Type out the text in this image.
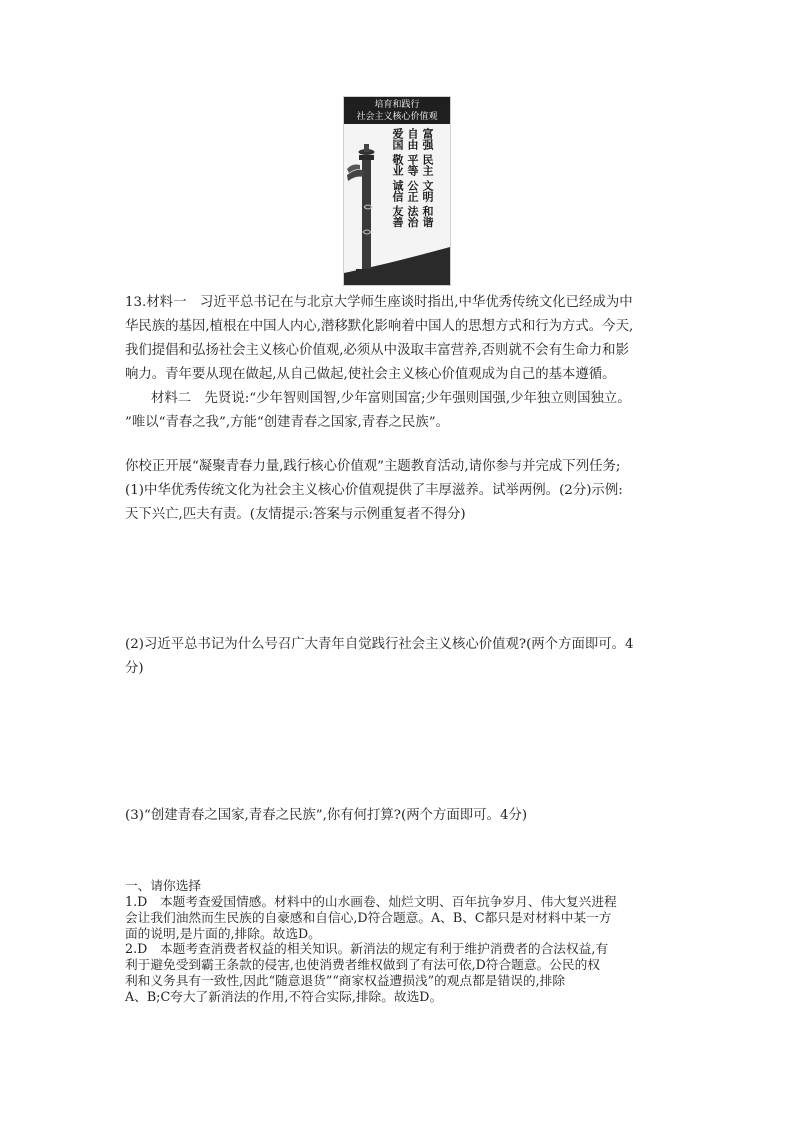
培育和践行
社会主义核心价值观
富强 民主 文明 和谐
自由 平等 公正 法治
爱国 敬业 诚信 友善

13.材料一　习近平总书记在与北京大学师生座谈时指出,中华优秀传统文化已经成为中

华民族的基因,植根在中国人内心,潜移默化影响着中国人的思想方式和行为方式。今天,

我们提倡和弘扬社会主义核心价值观,必须从中汲取丰富营养,否则就不会有生命力和影

响力。青年要从现在做起,从自己做起,使社会主义核心价值观成为自己的基本遵循。

材料二　先贤说:“少年智则国智,少年富则国富;少年强则国强,少年独立则国独立。

”唯以“青春之我”,方能“创建青春之国家,青春之民族”。

你校正开展“凝聚青春力量,践行核心价值观”主题教育活动,请你参与并完成下列任务;

(1)中华优秀传统文化为社会主义核心价值观提供了丰厚滋养。试举两例。(2分)示例:

天下兴亡,匹夫有责。(友情提示:答案与示例重复者不得分)

(2)习近平总书记为什么号召广大青年自觉践行社会主义核心价值观?(两个方面即可。4

分)

(3)“创建青春之国家,青春之民族”,你有何打算?(两个方面即可。4分)

一、请你选择

1.D　本题考查爱国情感。材料中的山水画卷、灿烂文明、百年抗争岁月、伟大复兴进程

会让我们油然而生民族的自豪感和自信心,D符合题意。A、B、C都只是对材料中某一方

面的说明,是片面的,排除。故选D。

2.D　本题考查消费者权益的相关知识。新消法的规定有利于维护消费者的合法权益,有

利于避免受到霸王条款的侵害,也使消费者维权做到了有法可依,D符合题意。公民的权

利和义务具有一致性,因此“随意退货”“商家权益遭损浅”的观点都是错误的,排除

A、B;C夸大了新消法的作用,不符合实际,排除。故选D。
